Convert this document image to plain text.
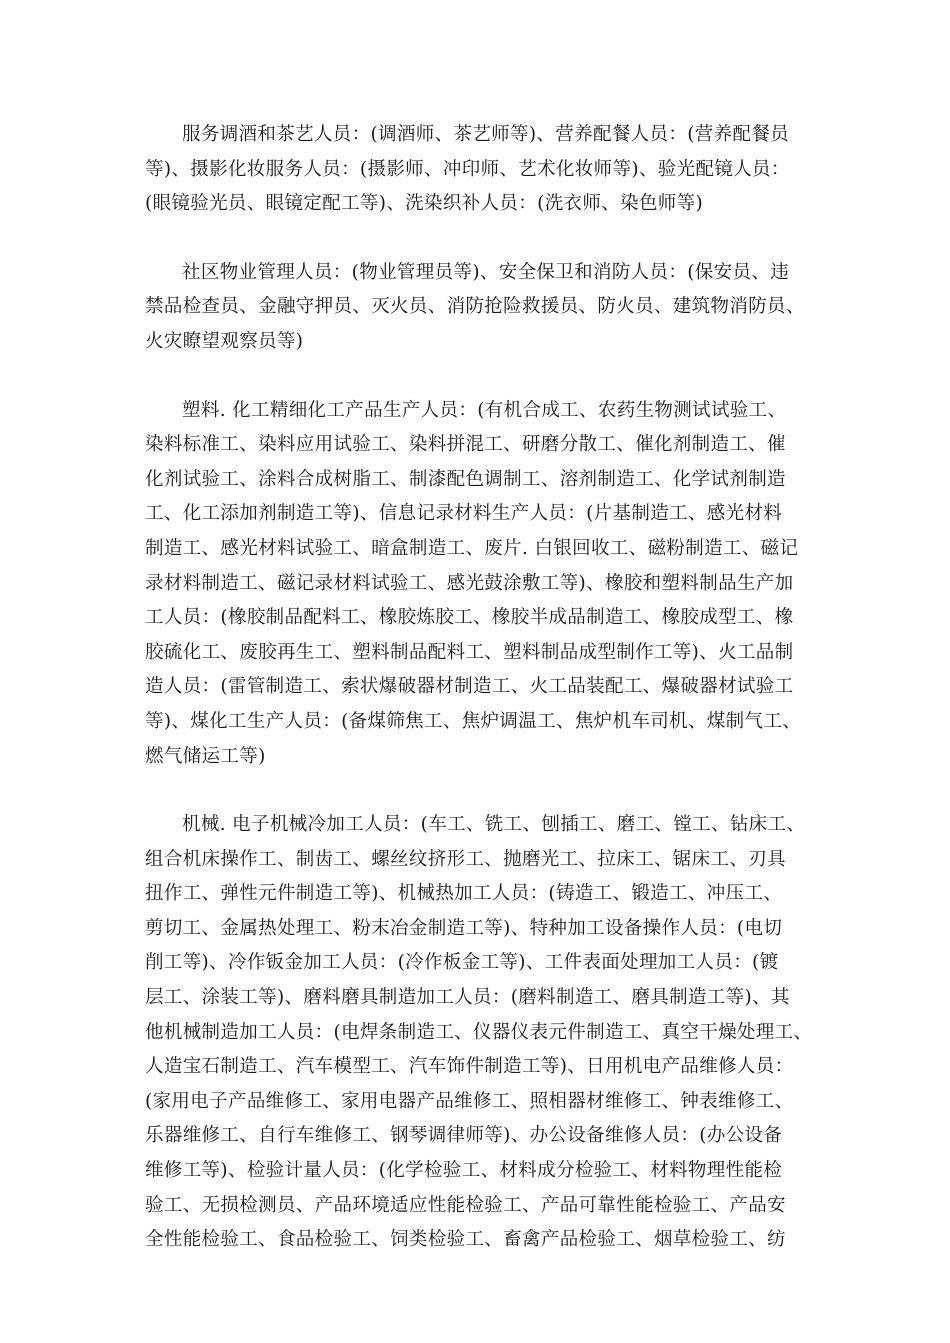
服务调酒和茶艺人员：(调酒师、茶艺师等)、营养配餐人员：(营养配餐员
等)、摄影化妆服务人员：(摄影师、冲印师、艺术化妆师等)、验光配镜人员：
(眼镜验光员、眼镜定配工等)、洗染织补人员：(洗衣师、染色师等)

社区物业管理人员：(物业管理员等)、安全保卫和消防人员：(保安员、违
禁品检查员、金融守押员、灭火员、消防抢险救援员、防火员、建筑物消防员、
火灾瞭望观察员等)

塑料. 化工精细化工产品生产人员：(有机合成工、农药生物测试试验工、
染料标准工、染料应用试验工、染料拼混工、研磨分散工、催化剂制造工、催
化剂试验工、涂料合成树脂工、制漆配色调制工、溶剂制造工、化学试剂制造
工、化工添加剂制造工等)、信息记录材料生产人员：(片基制造工、感光材料
制造工、感光材料试验工、暗盒制造工、废片. 白银回收工、磁粉制造工、磁记
录材料制造工、磁记录材料试验工、感光鼓涂敷工等)、橡胶和塑料制品生产加
工人员：(橡胶制品配料工、橡胶炼胶工、橡胶半成品制造工、橡胶成型工、橡
胶硫化工、废胶再生工、塑料制品配料工、塑料制品成型制作工等)、火工品制
造人员：(雷管制造工、索状爆破器材制造工、火工品装配工、爆破器材试验工
等)、煤化工生产人员：(备煤筛焦工、焦炉调温工、焦炉机车司机、煤制气工、
燃气储运工等)

机械. 电子机械冷加工人员：(车工、铣工、刨插工、磨工、镗工、钻床工、
组合机床操作工、制齿工、螺丝纹挤形工、抛磨光工、拉床工、锯床工、刃具
扭作工、弹性元件制造工等)、机械热加工人员：(铸造工、锻造工、冲压工、
剪切工、金属热处理工、粉末冶金制造工等)、特种加工设备操作人员：(电切
削工等)、冷作钣金加工人员：(冷作板金工等)、工件表面处理加工人员：(镀
层工、涂装工等)、磨料磨具制造加工人员：(磨料制造工、磨具制造工等)、其
他机械制造加工人员：(电焊条制造工、仪器仪表元件制造工、真空干燥处理工、
人造宝石制造工、汽车模型工、汽车饰件制造工等)、日用机电产品维修人员：
(家用电子产品维修工、家用电器产品维修工、照相器材维修工、钟表维修工、
乐器维修工、自行车维修工、钢琴调律师等)、办公设备维修人员：(办公设备
维修工等)、检验计量人员：(化学检验工、材料成分检验工、材料物理性能检
验工、无损检测员、产品环境适应性能检验工、产品可靠性能检验工、产品安
全性能检验工、食品检验工、饲类检验工、畜禽产品检验工、烟草检验工、纺
